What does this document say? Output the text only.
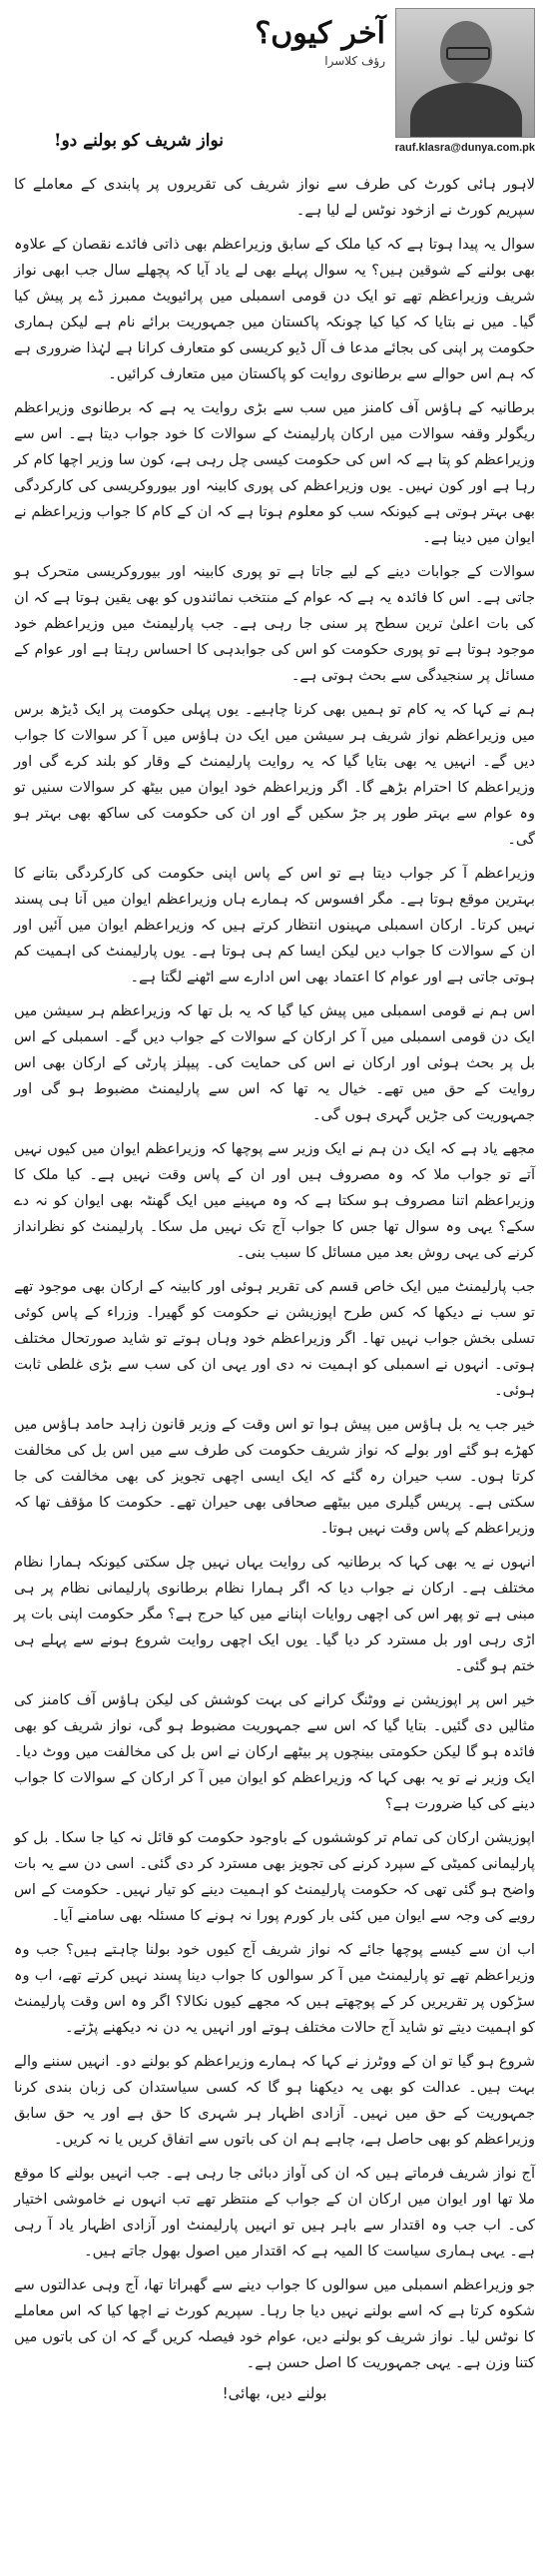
آخر کیوں؟
رؤف کلاسرا
نواز شریف کو بولنے دو!	rauf.klasra@dunya.com.pk

لاہور ہائی کورٹ کی طرف سے نواز شریف کی تقریروں پر پابندی کے معاملے کا سپریم کورٹ نے ازخود نوٹس لے لیا ہے۔

سوال یہ پیدا ہوتا ہے کہ کیا ملک کے سابق وزیراعظم بھی ذاتی فائدے نقصان کے علاوہ بھی بولنے کے شوقین ہیں؟ یہ سوال پہلے بھی لے یاد آیا کہ پچھلے سال جب ابھی نواز شریف وزیراعظم تھے تو ایک دن قومی اسمبلی میں پرائیویٹ ممبرز ڈے پر پیش کیا گیا۔ میں نے بتایا کہ کیا کیا چونکہ پاکستان میں جمہوریت برائے نام ہے لیکن ہماری حکومت پر اپنی کی بجائے مدعا ف آل ڈیو کریسی کو متعارف کرانا ہے لہٰذا ضروری ہے کہ ہم اس حوالے سے برطانوی روایت کو پاکستان میں متعارف کرائیں۔

برطانیہ کے ہاؤس آف کامنز میں سب سے بڑی روایت یہ ہے کہ برطانوی وزیراعظم ریگولر وقفہ سوالات میں ارکان پارلیمنٹ کے سوالات کا خود جواب دیتا ہے۔ اس سے وزیراعظم کو پتا ہے کہ اس کی حکومت کیسی چل رہی ہے، کون سا وزیر اچھا کام کر رہا ہے اور کون نہیں۔ یوں وزیراعظم کی پوری کابینہ اور بیوروکریسی کی کارکردگی بھی بہتر ہوتی ہے کیونکہ سب کو معلوم ہوتا ہے کہ ان کے کام کا جواب وزیراعظم نے ایوان میں دینا ہے۔

سوالات کے جوابات دینے کے لیے جاتا ہے تو پوری کابینہ اور بیوروکریسی متحرک ہو جاتی ہے۔ اس کا فائدہ یہ ہے کہ عوام کے منتخب نمائندوں کو بھی یقین ہوتا ہے کہ ان کی بات اعلیٰ ترین سطح پر سنی جا رہی ہے۔ جب پارلیمنٹ میں وزیراعظم خود موجود ہوتا ہے تو پوری حکومت کو اس کی جوابدہی کا احساس رہتا ہے اور عوام کے مسائل پر سنجیدگی سے بحث ہوتی ہے۔

ہم نے کہا کہ یہ کام تو ہمیں بھی کرنا چاہیے۔ یوں پہلی حکومت پر ایک ڈیڑھ برس میں وزیراعظم نواز شریف ہر سیشن میں ایک دن ہاؤس میں آ کر سوالات کا جواب دیں گے۔ انہیں یہ بھی بتایا گیا کہ یہ روایت پارلیمنٹ کے وقار کو بلند کرے گی اور وزیراعظم کا احترام بڑھے گا۔ اگر وزیراعظم خود ایوان میں بیٹھ کر سوالات سنیں تو وہ عوام سے بہتر طور پر جڑ سکیں گے اور ان کی حکومت کی ساکھ بھی بہتر ہو گی۔

وزیراعظم آ کر جواب دیتا ہے تو اس کے پاس اپنی حکومت کی کارکردگی بتانے کا بہترین موقع ہوتا ہے۔ مگر افسوس کہ ہمارے ہاں وزیراعظم ایوان میں آنا ہی پسند نہیں کرتا۔ ارکان اسمبلی مہینوں انتظار کرتے ہیں کہ وزیراعظم ایوان میں آئیں اور ان کے سوالات کا جواب دیں لیکن ایسا کم ہی ہوتا ہے۔ یوں پارلیمنٹ کی اہمیت کم ہوتی جاتی ہے اور عوام کا اعتماد بھی اس ادارے سے اٹھنے لگتا ہے۔

اس ہم نے قومی اسمبلی میں پیش کیا گیا کہ یہ بل تھا کہ وزیراعظم ہر سیشن میں ایک دن قومی اسمبلی میں آ کر ارکان کے سوالات کے جواب دیں گے۔ اسمبلی کے اس بل پر بحث ہوئی اور ارکان نے اس کی حمایت کی۔ پیپلز پارٹی کے ارکان بھی اس روایت کے حق میں تھے۔ خیال یہ تھا کہ اس سے پارلیمنٹ مضبوط ہو گی اور جمہوریت کی جڑیں گہری ہوں گی۔

مجھے یاد ہے کہ ایک دن ہم نے ایک وزیر سے پوچھا کہ وزیراعظم ایوان میں کیوں نہیں آتے تو جواب ملا کہ وہ مصروف ہیں اور ان کے پاس وقت نہیں ہے۔ کیا ملک کا وزیراعظم اتنا مصروف ہو سکتا ہے کہ وہ مہینے میں ایک گھنٹہ بھی ایوان کو نہ دے سکے؟ یہی وہ سوال تھا جس کا جواب آج تک نہیں مل سکا۔ پارلیمنٹ کو نظرانداز کرنے کی یہی روش بعد میں مسائل کا سبب بنی۔

جب پارلیمنٹ میں ایک خاص قسم کی تقریر ہوئی اور کابینہ کے ارکان بھی موجود تھے تو سب نے دیکھا کہ کس طرح اپوزیشن نے حکومت کو گھیرا۔ وزراء کے پاس کوئی تسلی بخش جواب نہیں تھا۔ اگر وزیراعظم خود وہاں ہوتے تو شاید صورتحال مختلف ہوتی۔ انہوں نے اسمبلی کو اہمیت نہ دی اور یہی ان کی سب سے بڑی غلطی ثابت ہوئی۔

خیر جب یہ بل ہاؤس میں پیش ہوا تو اس وقت کے وزیر قانون زاہد حامد ہاؤس میں کھڑے ہو گئے اور بولے کہ نواز شریف حکومت کی طرف سے میں اس بل کی مخالفت کرتا ہوں۔ سب حیران رہ گئے کہ ایک ایسی اچھی تجویز کی بھی مخالفت کی جا سکتی ہے۔ پریس گیلری میں بیٹھے صحافی بھی حیران تھے۔ حکومت کا مؤقف تھا کہ وزیراعظم کے پاس وقت نہیں ہوتا۔

انہوں نے یہ بھی کہا کہ برطانیہ کی روایت یہاں نہیں چل سکتی کیونکہ ہمارا نظام مختلف ہے۔ ارکان نے جواب دیا کہ اگر ہمارا نظام برطانوی پارلیمانی نظام پر ہی مبنی ہے تو پھر اس کی اچھی روایات اپنانے میں کیا حرج ہے؟ مگر حکومت اپنی بات پر اڑی رہی اور بل مسترد کر دیا گیا۔ یوں ایک اچھی روایت شروع ہونے سے پہلے ہی ختم ہو گئی۔

خیر اس پر اپوزیشن نے ووٹنگ کرانے کی بہت کوشش کی لیکن ہاؤس آف کامنز کی مثالیں دی گئیں۔ بتایا گیا کہ اس سے جمہوریت مضبوط ہو گی، نواز شریف کو بھی فائدہ ہو گا لیکن حکومتی بینچوں پر بیٹھے ارکان نے اس بل کی مخالفت میں ووٹ دیا۔ ایک وزیر نے تو یہ بھی کہا کہ وزیراعظم کو ایوان میں آ کر ارکان کے سوالات کا جواب دینے کی کیا ضرورت ہے؟

اپوزیشن ارکان کی تمام تر کوششوں کے باوجود حکومت کو قائل نہ کیا جا سکا۔ بل کو پارلیمانی کمیٹی کے سپرد کرنے کی تجویز بھی مسترد کر دی گئی۔ اسی دن سے یہ بات واضح ہو گئی تھی کہ حکومت پارلیمنٹ کو اہمیت دینے کو تیار نہیں۔ حکومت کے اس رویے کی وجہ سے ایوان میں کئی بار کورم پورا نہ ہونے کا مسئلہ بھی سامنے آیا۔

اب ان سے کیسے پوچھا جائے کہ نواز شریف آج کیوں خود بولنا چاہتے ہیں؟ جب وہ وزیراعظم تھے تو پارلیمنٹ میں آ کر سوالوں کا جواب دینا پسند نہیں کرتے تھے، اب وہ سڑکوں پر تقریریں کر کے پوچھتے ہیں کہ مجھے کیوں نکالا؟ اگر وہ اس وقت پارلیمنٹ کو اہمیت دیتے تو شاید آج حالات مختلف ہوتے اور انہیں یہ دن نہ دیکھنے پڑتے۔

شروع ہو گیا تو ان کے ووٹرز نے کہا کہ ہمارے وزیراعظم کو بولنے دو۔ انہیں سننے والے بہت ہیں۔ عدالت کو بھی یہ دیکھنا ہو گا کہ کسی سیاستدان کی زبان بندی کرنا جمہوریت کے حق میں نہیں۔ آزادی اظہار ہر شہری کا حق ہے اور یہ حق سابق وزیراعظم کو بھی حاصل ہے، چاہے ہم ان کی باتوں سے اتفاق کریں یا نہ کریں۔

آج نواز شریف فرماتے ہیں کہ ان کی آواز دبائی جا رہی ہے۔ جب انہیں بولنے کا موقع ملا تھا اور ایوان میں ارکان ان کے جواب کے منتظر تھے تب انہوں نے خاموشی اختیار کی۔ اب جب وہ اقتدار سے باہر ہیں تو انہیں پارلیمنٹ اور آزادی اظہار یاد آ رہی ہے۔ یہی ہماری سیاست کا المیہ ہے کہ اقتدار میں اصول بھول جاتے ہیں۔

جو وزیراعظم اسمبلی میں سوالوں کا جواب دینے سے گھبراتا تھا، آج وہی عدالتوں سے شکوہ کرتا ہے کہ اسے بولنے نہیں دیا جا رہا۔ سپریم کورٹ نے اچھا کیا کہ اس معاملے کا نوٹس لیا۔ نواز شریف کو بولنے دیں، عوام خود فیصلہ کریں گے کہ ان کی باتوں میں کتنا وزن ہے۔ یہی جمہوریت کا اصل حسن ہے۔

بولنے دیں، بھائی!
